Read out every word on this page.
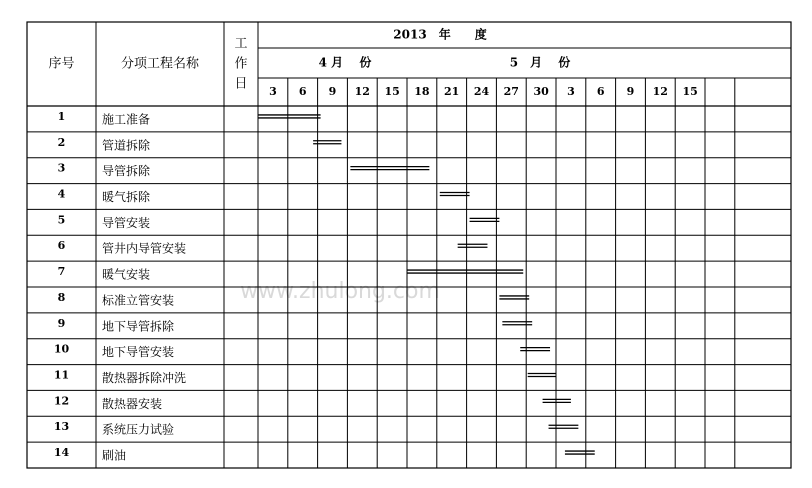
www.zhulong.com
序号	分项工程名称
工
作
日
2013　年　　度
4 月　 份	5　月　 份
3 6 9 12 15 18 21 24 27 30 3 6 9 12 15
1	施工准备
2	管道拆除
3	导管拆除
4	暖气拆除
5	导管安装
6	管井内导管安装
7	暖气安装
8	标准立管安装
9	地下导管拆除
10	地下导管安装
11	散热器拆除冲洗
12	散热器安装
13	系统压力试验
14	刷油
